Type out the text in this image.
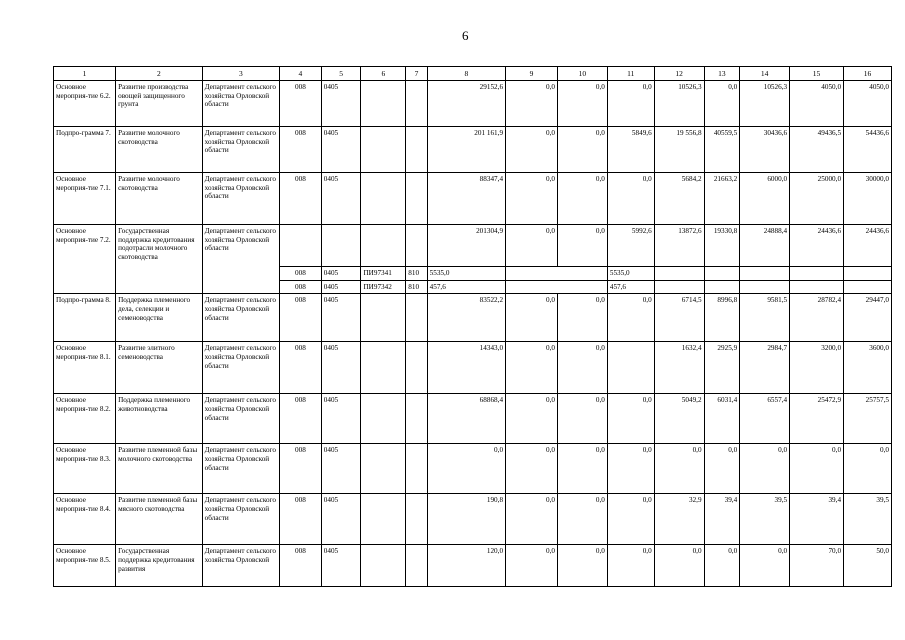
6
1	2	3	4	5	6	7	8	9	10	11	12	13	14	15	16
Основное мероприя-тие 6.2.	Развитие производства овощей защищенного грунта	Департамент сельского хозяйства Орловской области	008	0405			29152,6	0,0	0,0	0,0	10526,3	0,0	10526,3	4050,0	4050,0
Подпро-грамма 7.	Развитие молочного скотоводства	Департамент сельского хозяйства Орловской области	008	0405			201 161,9	0,0	0,0	5849,6	19 556,8	40559,5	30436,6	49436,5	54436,6
Основное мероприя-тие 7.1.	Развитие молочного скотоводства	Департамент сельского хозяйства Орловской области	008	0405			88347,4	0,0	0,0	0,0	5684,2	21663,2	6000,0	25000,0	30000,0
Основное мероприя-тие 7.2.	Государственная поддержка кредитования подотрасли молочного скотоводства	Департамент сельского хозяйства Орловской области					201304,9	0,0	0,0	5992,6	13872,6	19330,8	24888,4	24436,6	24436,6
			008	0405	ПИ97341	810	5535,0			5535,0					
			008	0405	ПИ97342	810	457,6			457,6					
Подпро-грамма 8.	Поддержка племенного дела, селекции и семеноводства	Департамент сельского хозяйства Орловской области	008	0405			83522,2	0,0	0,0	0,0	6714,5	8996,8	9581,5	28782,4	29447,0
Основное мероприя-тие 8.1.	Развитие элитного семеноводства	Департамент сельского хозяйства Орловской области	008	0405			14343,0	0,0	0,0		1632,4	2925,9	2984,7	3200,0	3600,0
Основное мероприя-тие 8.2.	Поддержка племенного животноводства	Департамент сельского хозяйства Орловской области	008	0405			68868,4	0,0	0,0	0,0	5049,2	6031,4	6557,4	25472,9	25757,5
Основное мероприя-тие 8.3.	Развитие племенной базы молочного скотоводства	Департамент сельского хозяйства Орловской области	008	0405			0,0	0,0	0,0	0,0	0,0	0,0	0,0	0,0	0,0
Основное мероприя-тие 8.4.	Развитие племенной базы мясного скотоводства	Департамент сельского хозяйства Орловской области	008	0405			190,8	0,0	0,0	0,0	32,9	39,4	39,5	39,4	39,5
Основное мероприя-тие 8.5.	Государственная поддержка кредитования развития	Департамент сельского хозяйства Орловской	008	0405			120,0	0,0	0,0	0,0	0,0	0,0	0,0	70,0	50,0
